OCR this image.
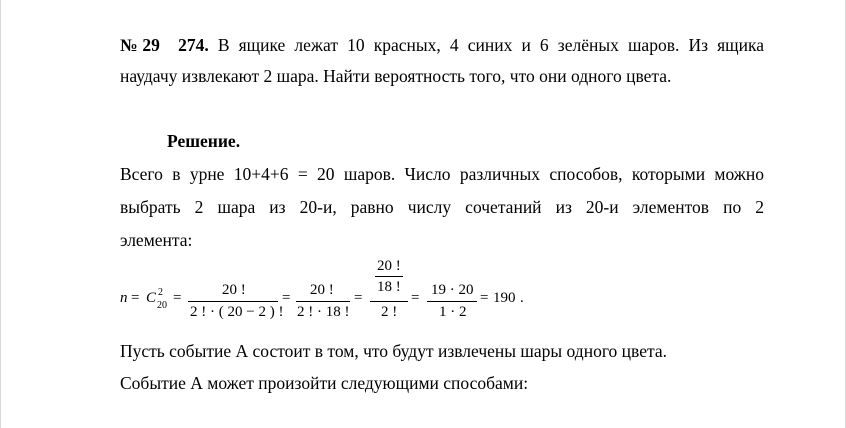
№29 274. В ящике лежат 10 красных, 4 синих и 6 зелёных шаров. Из ящика
наудачу извлекают 2 шара. Найти вероятность того, что они одного цвета.
Решение.
Всего в урне 10+4+6 = 20 шаров. Число различных способов, которыми можно
выбрать 2 шара из 20-и, равно числу сочетаний из 20-и элементов по 2
элемента:
n = C 2
20 =	20 !
2 ! · ( 20 − 2 ) !
= 20 !
2 ! · 18 !
=
20 !
18 !
2 !
= 19 · 20
1 · 2
= 190 .
Пусть событие А состоит в том, что будут извлечены шары одного цвета.
Событие А может произойти следующими способами:
